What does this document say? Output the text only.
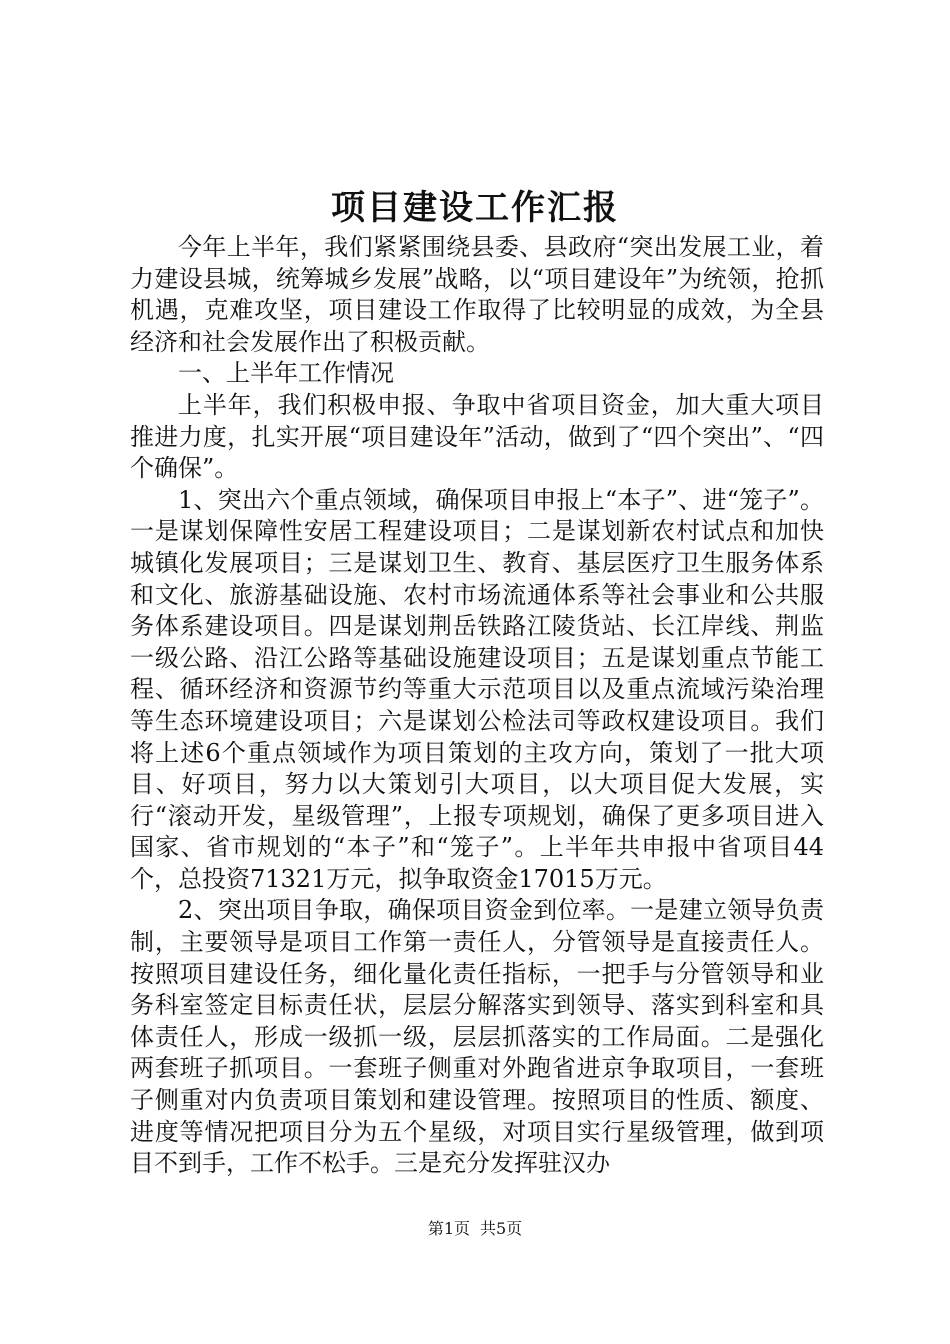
项目建设工作汇报

今年上半年，我们紧紧围绕县委、县政府“突出发展工业，着力建设县城，统筹城乡发展”战略，以“项目建设年”为统领，抢抓机遇，克难攻坚，项目建设工作取得了比较明显的成效，为全县经济和社会发展作出了积极贡献。

一、上半年工作情况

上半年，我们积极申报、争取中省项目资金，加大重大项目推进力度，扎实开展“项目建设年”活动，做到了“四个突出”、“四个确保”。

1、突出六个重点领域，确保项目申报上“本子”、进“笼子”。一是谋划保障性安居工程建设项目；二是谋划新农村试点和加快城镇化发展项目；三是谋划卫生、教育、基层医疗卫生服务体系和文化、旅游基础设施、农村市场流通体系等社会事业和公共服务体系建设项目。四是谋划荆岳铁路江陵货站、长江岸线、荆监一级公路、沿江公路等基础设施建设项目；五是谋划重点节能工程、循环经济和资源节约等重大示范项目以及重点流域污染治理等生态环境建设项目；六是谋划公检法司等政权建设项目。我们将上述6个重点领域作为项目策划的主攻方向，策划了一批大项目、好项目，努力以大策划引大项目，以大项目促大发展，实行“滚动开发，星级管理”，上报专项规划，确保了更多项目进入国家、省市规划的“本子”和“笼子”。上半年共申报中省项目44个，总投资71321万元，拟争取资金17015万元。

2、突出项目争取，确保项目资金到位率。一是建立领导负责制，主要领导是项目工作第一责任人，分管领导是直接责任人。按照项目建设任务，细化量化责任指标，一把手与分管领导和业务科室签定目标责任状，层层分解落实到领导、落实到科室和具体责任人，形成一级抓一级，层层抓落实的工作局面。二是强化两套班子抓项目。一套班子侧重对外跑省进京争取项目，一套班子侧重对内负责项目策划和建设管理。按照项目的性质、额度、进度等情况把项目分为五个星级，对项目实行星级管理，做到项目不到手，工作不松手。三是充分发挥驻汉办

第1页 共5页
